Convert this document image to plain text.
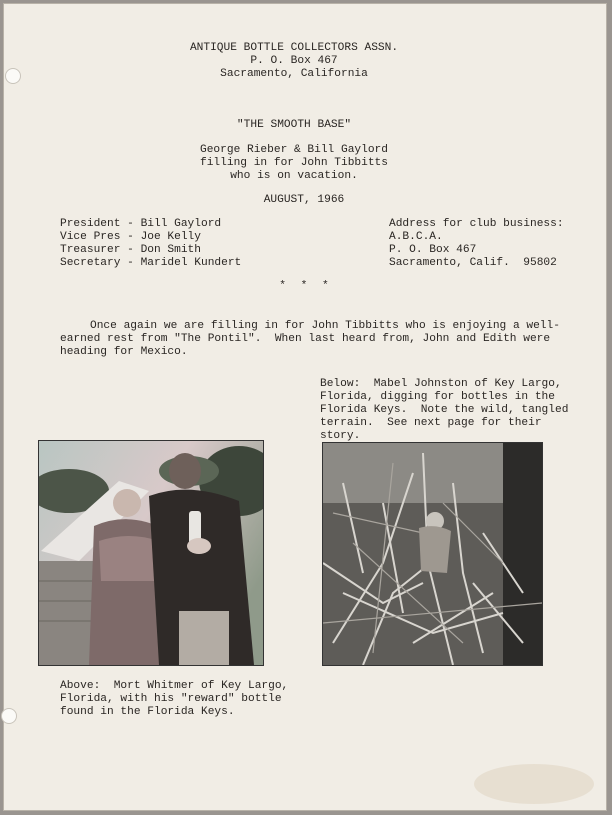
ANTIQUE BOTTLE COLLECTORS ASSN.
P. O. Box 467
Sacramento, California
"THE SMOOTH BASE"
George Rieber & Bill Gaylord
filling in for John Tibbitts
who is on vacation.
AUGUST, 1966
President - Bill Gaylord
Vice Pres - Joe Kelly
Treasurer - Don Smith
Secretary - Maridel Kundert
Address for club business:
A.B.C.A.
P. O. Box 467
Sacramento, Calif.  95802
* * *
Once again we are filling in for John Tibbitts who is enjoying a well-
earned rest from "The Pontil".  When last heard from, John and Edith were
heading for Mexico.
Below:  Mabel Johnston of Key Largo,
Florida, digging for bottles in the
Florida Keys.  Note the wild, tangled
terrain.  See next page for their
story.
Above:  Mort Whitmer of Key Largo,
Florida, with his "reward" bottle
found in the Florida Keys.
